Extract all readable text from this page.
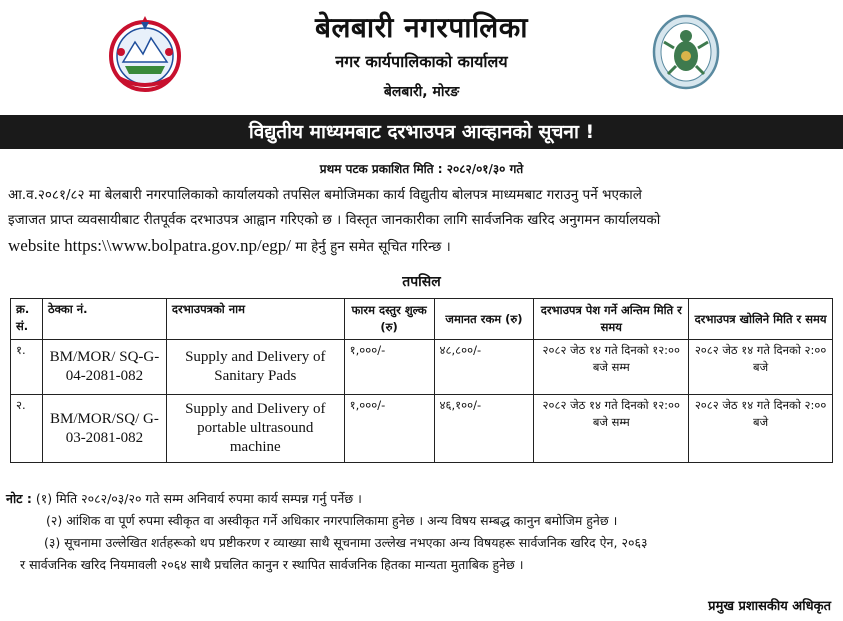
बेलबारी नगरपालिका
नगर कार्यपालिकाको कार्यालय
बेलबारी, मोरङ
विद्युतीय माध्यमबाट दरभाउपत्र आव्हानको सूचना !
प्रथम पटक प्रकाशित मिति : २०८२/०१/३० गते
आ.व.२०८१/८२ मा बेलबारी नगरपालिकाको कार्यालयको तपसिल बमोजिमका कार्य विद्युतीय बोलपत्र माध्यमबाट गराउनु पर्ने भएकाले
इजाजत प्राप्त व्यवसायीबाट रीतपूर्वक दरभाउपत्र आह्वान गरिएको छ । विस्तृत जानकारीका लागि सार्वजनिक खरिद अनुगमन कार्यालयको
website https:\\www.bolpatra.gov.np/egp/ मा हेर्नु हुन समेत सूचित गरिन्छ ।
तपसिल
क्र. सं.	ठेक्का नं.	दरभाउपत्रको नाम	फारम दस्तुर शुल्क (रु)	जमानत रकम (रु)	दरभाउपत्र पेश गर्ने अन्तिम मिति र समय	दरभाउपत्र खोलिने मिति र समय
१.	BM/MOR/ SQ-G-04-2081-082	Supply and Delivery of Sanitary Pads	१,०००/-	४८,८००/-	२०८२ जेठ १४ गते दिनको १२:०० बजे सम्म	२०८२ जेठ १४ गते दिनको २:०० बजे
२.	BM/MOR/SQ/ G-03-2081-082	Supply and Delivery of portable ultrasound machine	१,०००/-	४६,१००/-	२०८२ जेठ १४ गते दिनको १२:०० बजे सम्म	२०८२ जेठ १४ गते दिनको २:०० बजे
नोट : (१) मिति २०८२/०३/२० गते सम्म अनिवार्य रुपमा कार्य सम्पन्न गर्नु पर्नेछ ।
(२) आंशिक वा पूर्ण रुपमा स्वीकृत वा अस्वीकृत गर्ने अधिकार नगरपालिकामा हुनेछ । अन्य विषय सम्बद्ध कानुन बमोजिम हुनेछ ।
(३) सूचनामा उल्लेखित शर्तहरूको थप प्रष्टीकरण र व्याख्या साथै सूचनामा उल्लेख नभएका अन्य विषयहरू सार्वजनिक खरिद ऐन, २०६३
र सार्वजनिक खरिद नियमावली २०६४ साथै प्रचलित कानुन र स्थापित सार्वजनिक हितका मान्यता मुताबिक हुनेछ ।
प्रमुख प्रशासकीय अधिकृत
